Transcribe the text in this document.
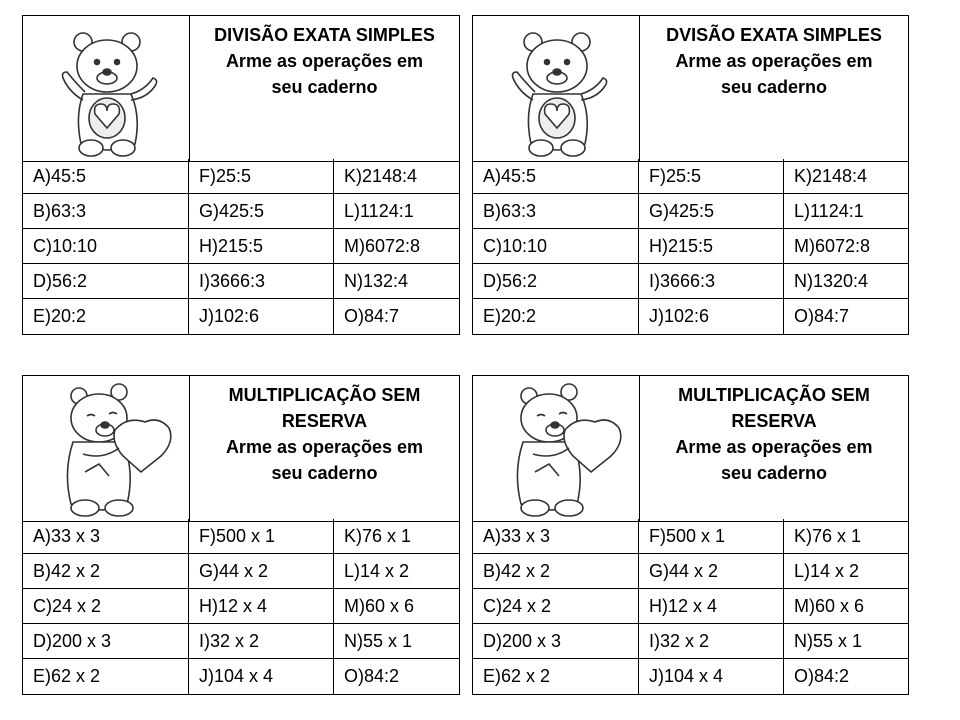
DIVISÃO EXATA SIMPLES
Arme as operações em
seu caderno
A)45:5	F)25:5	K)2148:4
B)63:3	G)425:5	L)1124:1
C)10:10	H)215:5	M)6072:8
D)56:2	I)3666:3	N)132:4
E)20:2	J)102:6	O)84:7
DVISÃO EXATA SIMPLES
Arme as operações em
seu caderno
A)45:5	F)25:5	K)2148:4
B)63:3	G)425:5	L)1124:1
C)10:10	H)215:5	M)6072:8
D)56:2	I)3666:3	N)1320:4
E)20:2	J)102:6	O)84:7
MULTIPLICAÇÃO SEM
RESERVA
Arme as operações em
seu caderno
A)33 x 3	F)500 x 1	K)76 x 1
B)42 x 2	G)44 x 2	L)14 x 2
C)24 x 2	H)12 x 4	M)60 x 6
D)200 x 3	I)32 x 2	N)55 x 1
E)62 x 2	J)104 x 4	O)84:2
MULTIPLICAÇÃO SEM
RESERVA
Arme as operações em
seu caderno
A)33 x 3	F)500 x 1	K)76 x 1
B)42 x 2	G)44 x 2	L)14 x 2
C)24 x 2	H)12 x 4	M)60 x 6
D)200 x 3	I)32 x 2	N)55 x 1
E)62 x 2	J)104 x 4	O)84:2
